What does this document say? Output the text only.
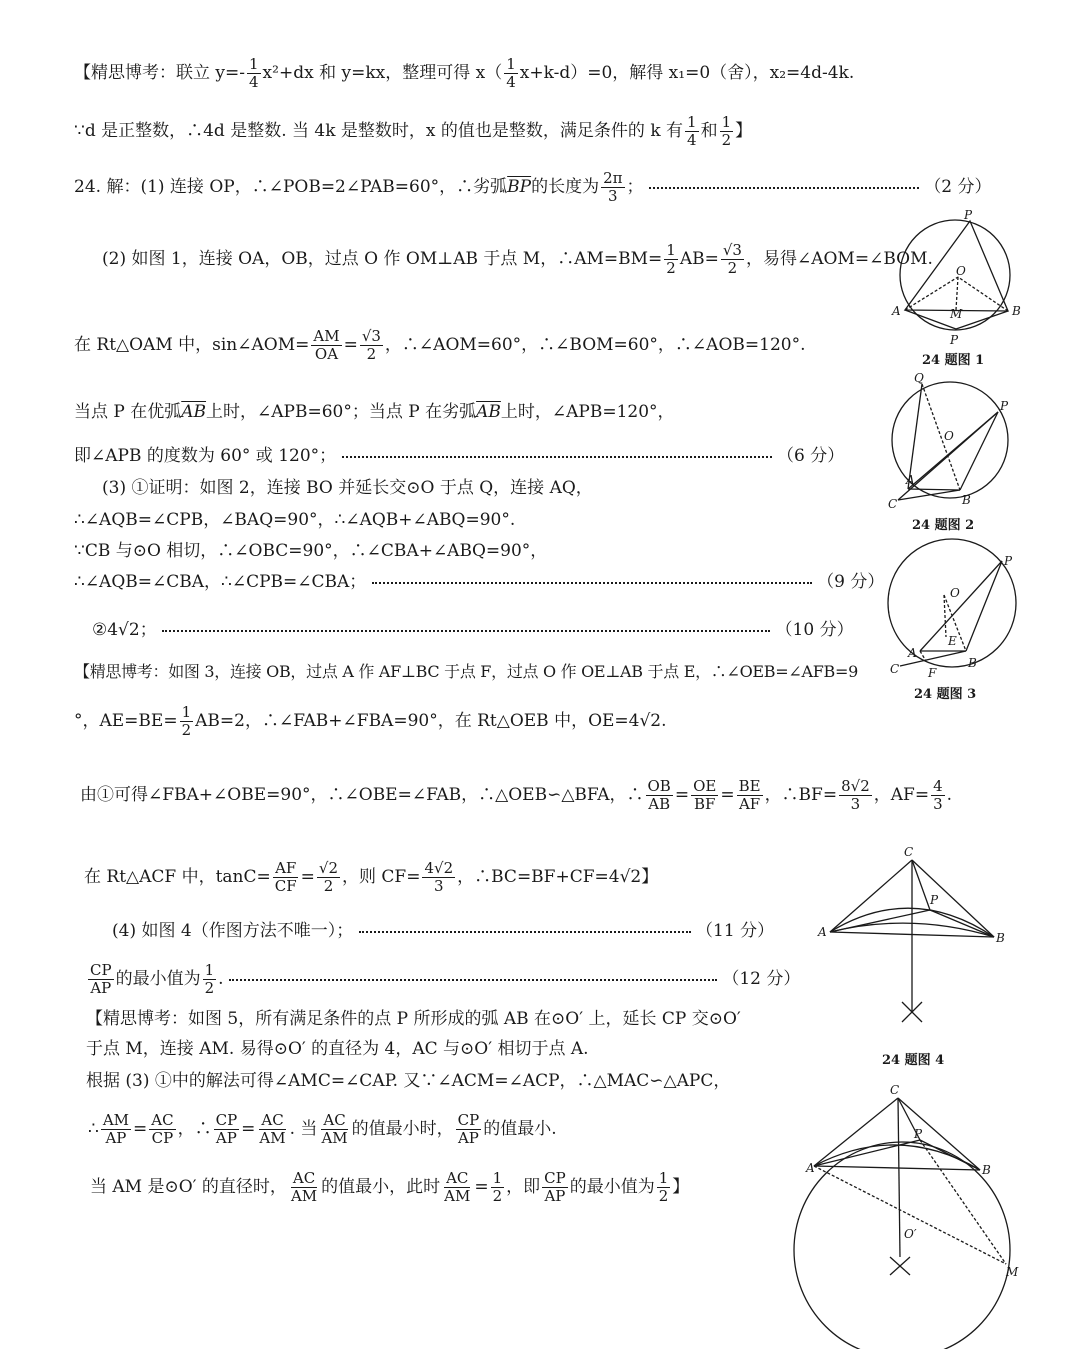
【精思博考：联立 $y=- \frac{1}{4} x^2+dx$ 和 y=kx，整理可得 $x( \frac{1}{4} x+k-d)=0$，解得 x₁=0（舍），x₂=4d-4k.
∵d 是正整数，∴4d 是整数. 当 4k 是整数时，x 的值也是整数，满足条件的 k 有 $\frac{1}{4}$ 和 $\frac{1}{2}$ 】
24. 解：(1) 连接 OP，∴∠POB=2∠PAB=60°，∴劣弧$\overline{BP}$的长度为 $\frac{2\pi}{3}$ ；	（2 分）
(2) 如图 1，连接 OA，OB，过点 O 作 OM⊥AB 于点 M，∴AM=BM= $\frac{1}{2} AB= \frac{√3}{2}$ ，易得∠AOM=∠BOM.
在 Rt△OAM 中，sin∠AOM= $\frac{AM}{OA} = \frac{√3}{2}$ ，∴∠AOM=60°，∴∠BOM=60°，∴∠AOB=120°.
当点 P 在优弧$\overline{AB}$上时，∠APB=60°；当点 P 在劣弧$\overline{AB}$上时，∠APB=120°，
即∠APB 的度数为 60° 或 120°；	（6 分）
(3) ①证明：如图 2，连接 BO 并延长交⊙O 于点 Q，连接 AQ，
∴∠AQB=∠CPB，∠BAQ=90°，∴∠AQB+∠ABQ=90°.
∵CB 与⊙O 相切，∴∠OBC=90°，∴∠CBA+∠ABQ=90°，
∴∠AQB=∠CBA，∴∠CPB=∠CBA；	（9 分）
②4√2；	（10 分）
【精思博考：如图 3，连接 OB，过点 A 作 AF⊥BC 于点 F，过点 O 作 OE⊥AB 于点 E，∴∠OEB=∠AFB=9
°，$AE=BE= \frac{1}{2} AB=2$，∴∠FAB+∠FBA=90°，在 Rt△OEB 中，OE=4√2.
由①可得∠FBA+∠OBE=90°，∴∠OBE=∠FAB，∴△OEB∽△BFA，∴ $\frac{OB}{AB} = \frac{OE}{BF} = \frac{BE}{AF}$ ，∴BF= $\frac{8√2}{3}$ ，$AF= \frac{4}{3}$ .
在 Rt△ACF 中，$\tan C= \frac{AF}{CF} = \frac{√2}{2}$ ，则 $CF= \frac{4√2}{3}$ ，∴BC=BF+CF=4√2】
(4) 如图 4（作图方法不唯一）；	（11 分）
$\frac{CP}{AP}$ 的最小值为 $\frac{1}{2}$ .	（12 分）
【精思博考：如图 5，所有满足条件的点 P 所形成的弧 AB 在⊙O′ 上，延长 CP 交⊙O′
于点 M，连接 AM. 易得⊙O′ 的直径为 4，AC 与⊙O′ 相切于点 A.
根据 (3) ①中的解法可得∠AMC=∠CAP. 又∵∠ACM=∠ACP，∴△MAC∽△APC，
∴ $\frac{AM}{AP} = \frac{AC}{CP}$ ，∴ $\frac{CP}{AP} = \frac{AC}{AM}$ . 当 $\frac{AC}{AM}$ 的值最小时， $\frac{CP}{AP}$ 的值最小.
当 AM 是⊙O′ 的直径时， $\frac{AC}{AM}$ 的值最小，此时 $\frac{AC}{AM} = \frac{1}{2}$ ，即 $\frac{CP}{AP}$ 的最小值为 $\frac{1}{2}$ 】
P
O
A	B
M
P
24 题图 1
Q
P
O
A
B
C
24 题图 2
P
O
E
A
F
B
C
24 题图 3
C
P
A	B
24 题图 4
C
P
A	B
O′
M
